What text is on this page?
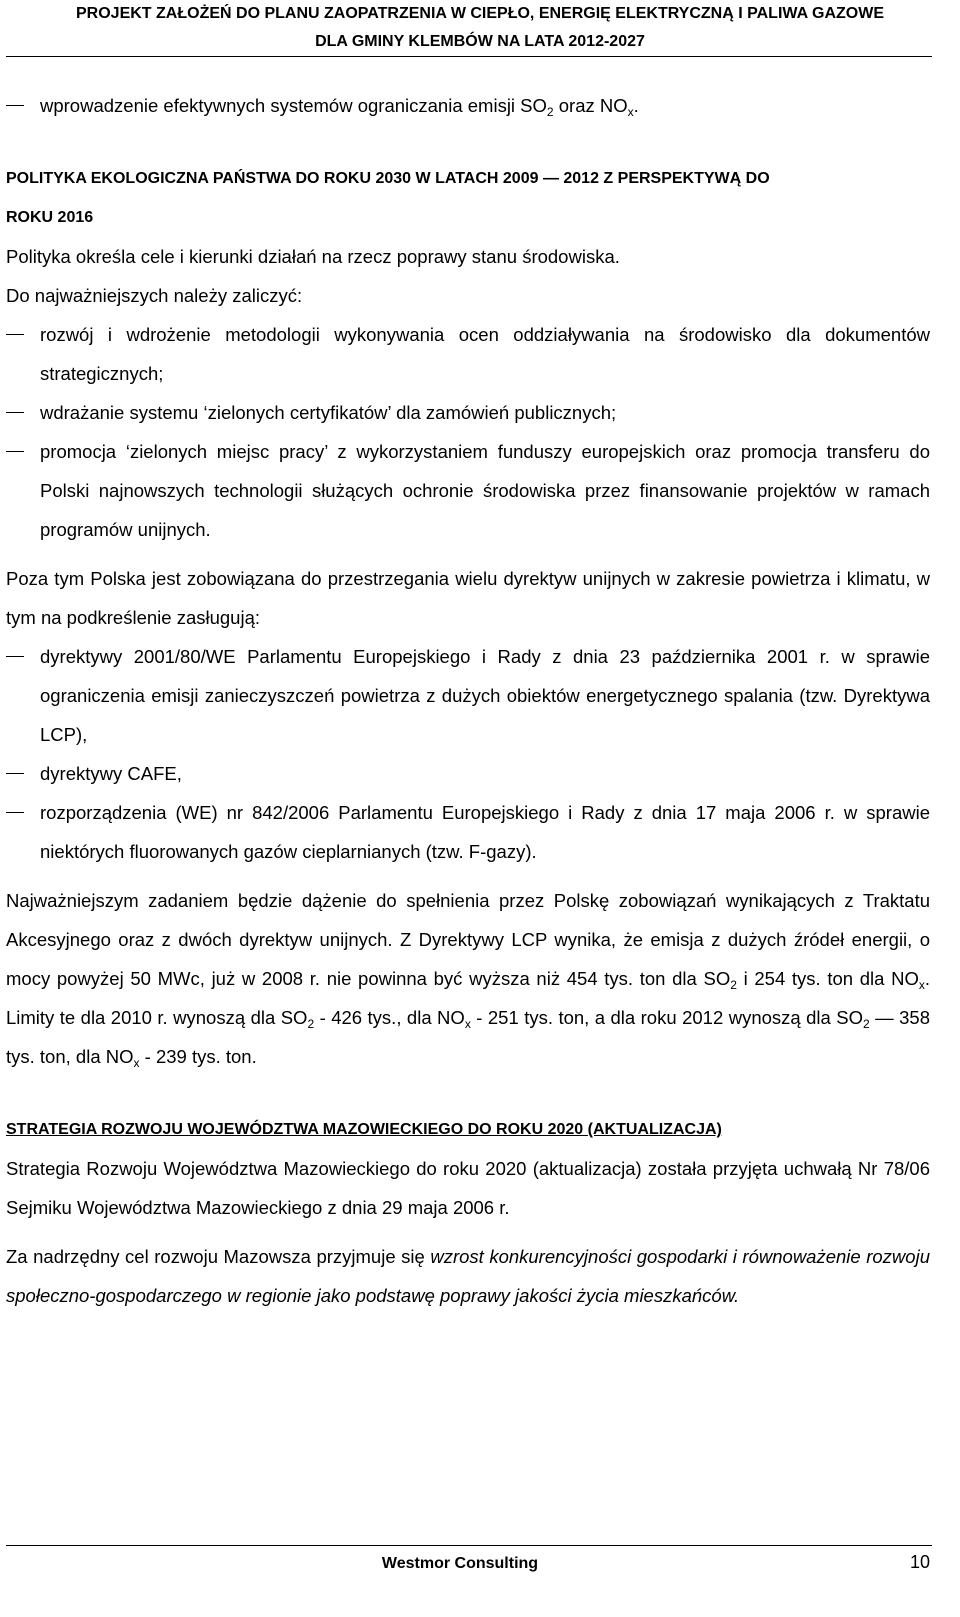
PROJEKT ZAŁOŻEŃ DO PLANU ZAOPATRZENIA W CIEPŁO, ENERGIĘ ELEKTRYCZNĄ I PALIWA GAZOWE
DLA GMINY KLEMBÓW NA LATA 2012-2027
wprowadzenie efektywnych systemów ograniczania emisji $SO_2$ oraz $NO_x$.

POLITYKA EKOLOGICZNA PAŃSTWA DO ROKU 2030 W LATACH 2009 — 2012 Z PERSPEKTYWĄ DO
ROKU 2016

Polityka określa cele i kierunki działań na rzecz poprawy stanu środowiska.

Do najważniejszych należy zaliczyć:

rozwój i wdrożenie metodologii wykonywania ocen oddziaływania na środowisko dla dokumentów strategicznych;
wdrażanie systemu ‘zielonych certyfikatów’ dla zamówień publicznych;
promocja ‘zielonych miejsc pracy’ z wykorzystaniem funduszy europejskich oraz promocja transferu do Polski najnowszych technologii służących ochronie środowiska przez finansowanie projektów w ramach programów unijnych.

Poza tym Polska jest zobowiązana do przestrzegania wielu dyrektyw unijnych w zakresie powietrza i klimatu, w tym na podkreślenie zasługują:

dyrektywy 2001/80/WE Parlamentu Europejskiego i Rady z dnia 23 października 2001 r. w sprawie ograniczenia emisji zanieczyszczeń powietrza z dużych obiektów energetycznego spalania (tzw. Dyrektywa LCP),
dyrektywy CAFE,
rozporządzenia (WE) nr 842/2006 Parlamentu Europejskiego i Rady z dnia 17 maja 2006 r. w sprawie niektórych fluorowanych gazów cieplarnianych (tzw. F-gazy).

Najważniejszym zadaniem będzie dążenie do spełnienia przez Polskę zobowiązań wynikających z Traktatu Akcesyjnego oraz z dwóch dyrektyw unijnych. Z Dyrektywy LCP wynika, że emisja z dużych źródeł energii, o mocy powyżej 50 MWc, już w 2008 r. nie powinna być wyższa niż 454 tys. ton dla $SO_2$ i 254 tys. ton dla $NO_x$. Limity te dla 2010 r. wynoszą dla $SO_2 - 426$ tys., dla $NO_x - 251$ tys. ton, a dla roku 2012 wynoszą dla $SO_2$ — 358 tys. ton, dla $NO_x - 239$ tys. ton.

STRATEGIA ROZWOJU WOJEWÓDZTWA MAZOWIECKIEGO DO ROKU 2020 (AKTUALIZACJA)

Strategia Rozwoju Województwa Mazowieckiego do roku 2020 (aktualizacja) została przyjęta uchwałą Nr 78/06 Sejmiku Województwa Mazowieckiego z dnia 29 maja 2006 r.

Za nadrzędny cel rozwoju Mazowsza przyjmuje się wzrost konkurencyjności gospodarki i równoważenie rozwoju społeczno-gospodarczego w regionie jako podstawę poprawy jakości życia mieszkańców.

Westmor Consulting	10
